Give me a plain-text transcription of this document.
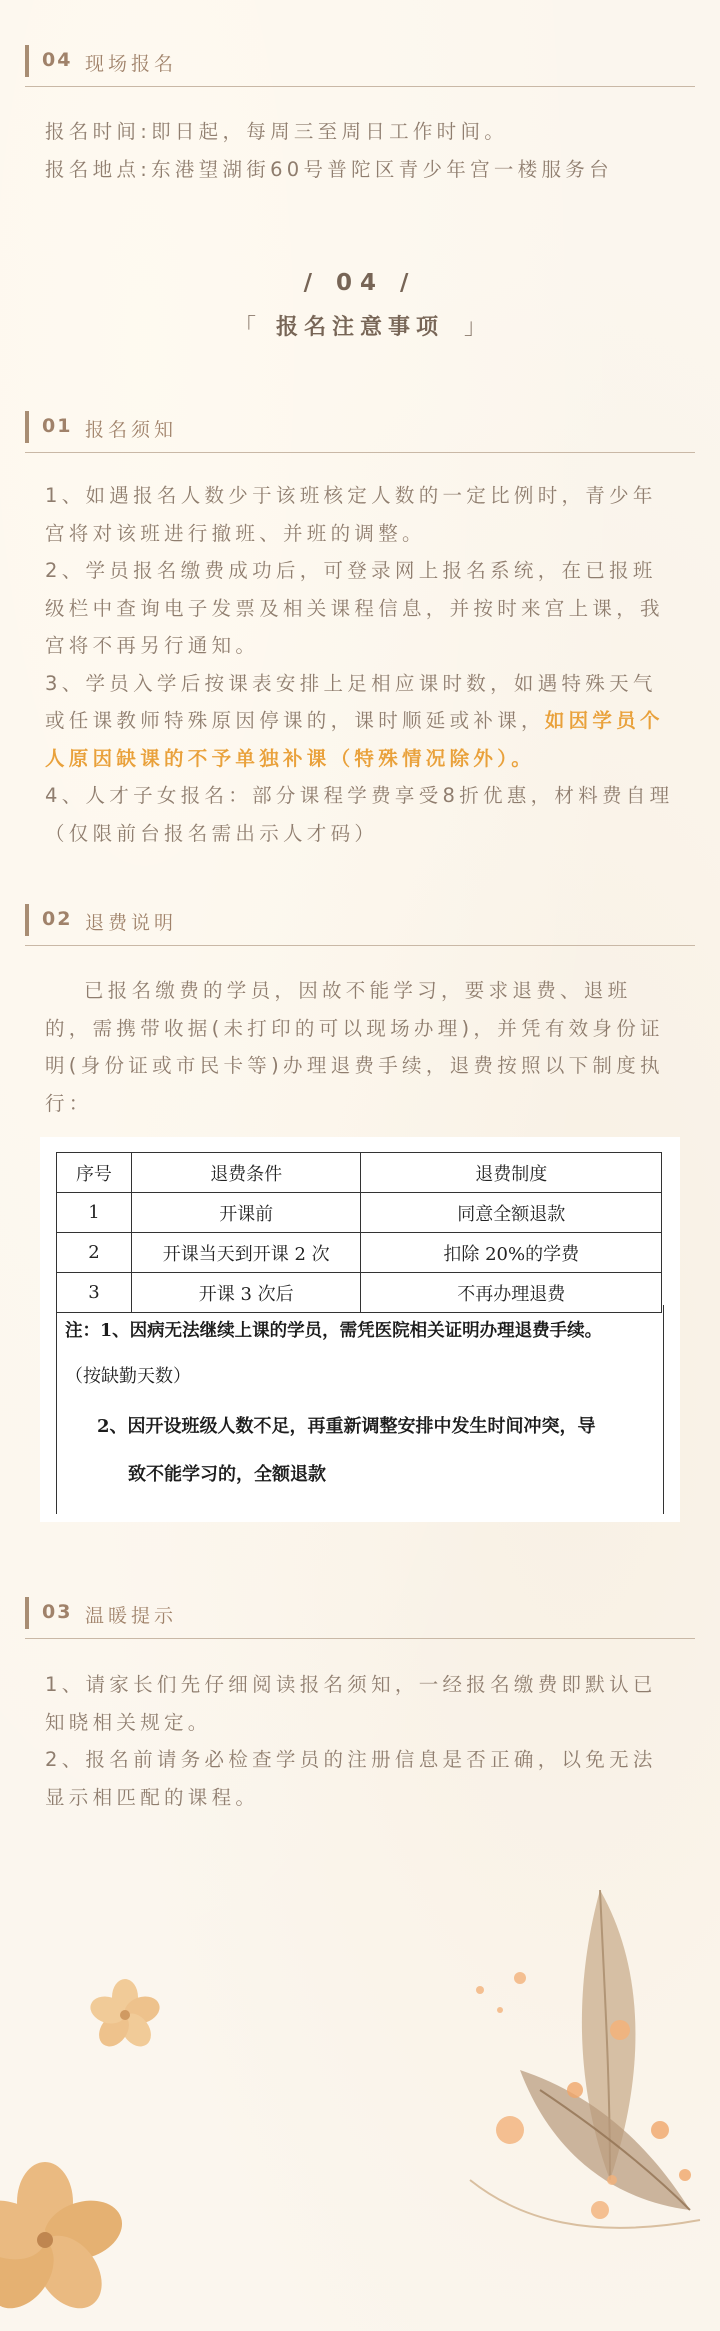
04 现场报名

报名时间:即日起，每周三至周日工作时间。

报名地点:东港望湖街60号普陀区青少年宫一楼服务台

/ 04 /
「 报名注意事项 」
01 报名须知

1、如遇报名人数少于该班核定人数的一定比例时，青少年宫将对该班进行撤班、并班的调整。

2、学员报名缴费成功后，可登录网上报名系统，在已报班级栏中查询电子发票及相关课程信息，并按时来宫上课，我宫将不再另行通知。

3、学员入学后按课表安排上足相应课时数，如遇特殊天气或任课教师特殊原因停课的，课时顺延或补课，如因学员个人原因缺课的不予单独补课（特殊情况除外）。

4、人才子女报名：部分课程学费享受8折优惠，材料费自理（仅限前台报名需出示人才码）

02 退费说明

已报名缴费的学员，因故不能学习，要求退费、退班的，需携带收据(未打印的可以现场办理)，并凭有效身份证明(身份证或市民卡等)办理退费手续，退费按照以下制度执行：

序号	退费条件	退费制度
1	开课前	同意全额退款
2	开课当天到开课 2 次	扣除 20%的学费
3	开课 3 次后	不再办理退费
注：1、因病无法继续上课的学员，需凭医院相关证明办理退费手续。
（按缺勤天数）
2、因开设班级人数不足，再重新调整安排中发生时间冲突，导
致不能学习的，全额退款
03 温暖提示

1、请家长们先仔细阅读报名须知，一经报名缴费即默认已知晓相关规定。

2、报名前请务必检查学员的注册信息是否正确，以免无法显示相匹配的课程。
